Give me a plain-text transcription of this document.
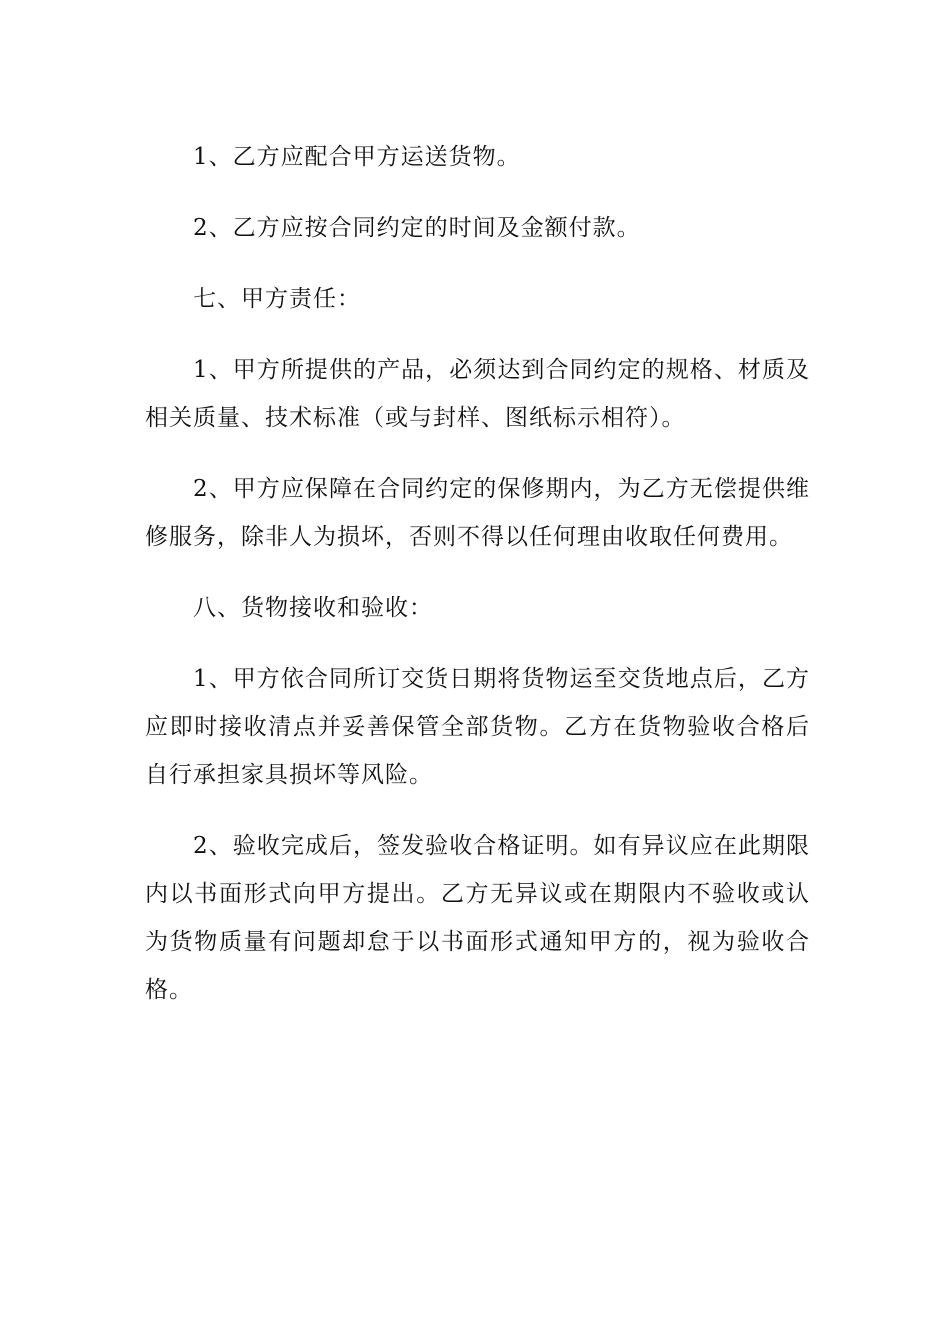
1、乙方应配合甲方运送货物。

2、乙方应按合同约定的时间及金额付款。

七、甲方责任：

1、甲方所提供的产品，必须达到合同约定的规格、材质及相关质量、技术标准（或与封样、图纸标示相符）。

2、甲方应保障在合同约定的保修期内，为乙方无偿提供维修服务，除非人为损坏，否则不得以任何理由收取任何费用。

八、货物接收和验收：

1、甲方依合同所订交货日期将货物运至交货地点后，乙方应即时接收清点并妥善保管全部货物。乙方在货物验收合格后自行承担家具损坏等风险。

2、验收完成后，签发验收合格证明。如有异议应在此期限内以书面形式向甲方提出。乙方无异议或在期限内不验收或认为货物质量有问题却怠于以书面形式通知甲方的，视为验收合格。
